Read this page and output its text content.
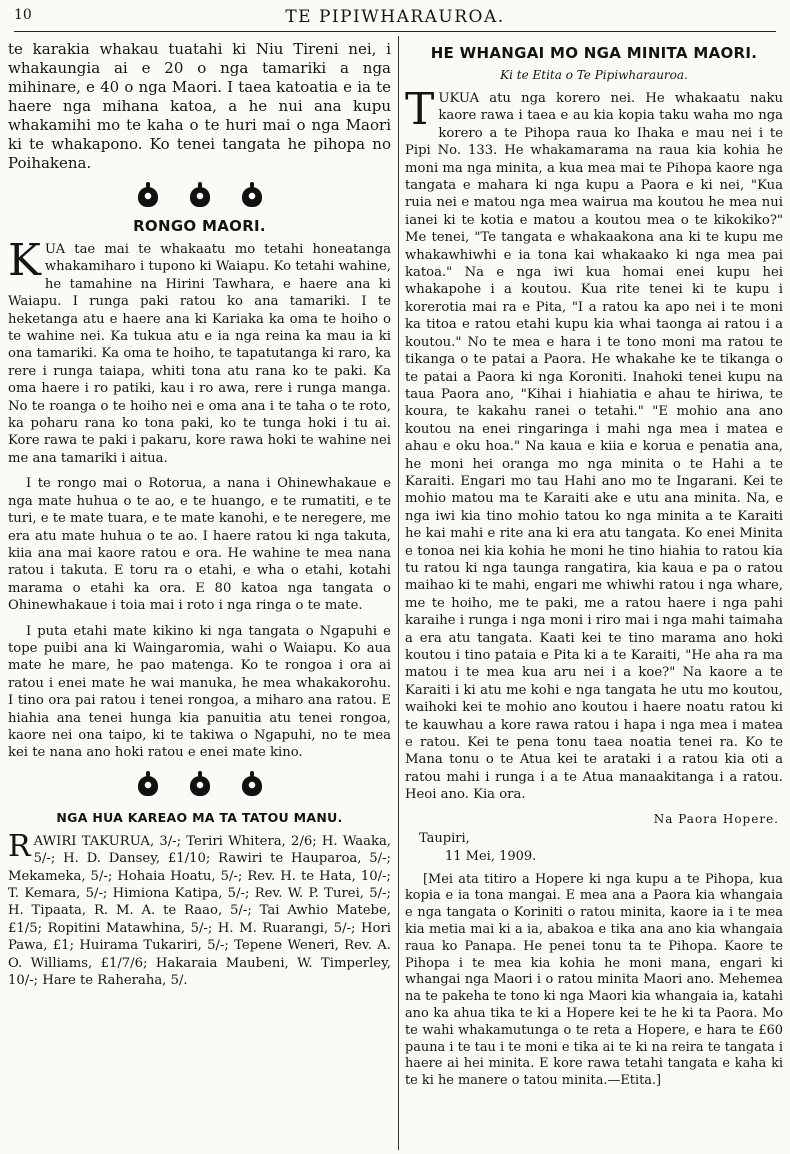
10	TE PIPIWHARAUROA.

te karakia whakau tuatahi ki Niu Tireni nei, i whakaungia ai e 20 o nga tamariki a nga mihinare, e 40 o nga Maori. I taea katoatia e ia te haere nga mihana katoa, a he nui ana kupu whakamihi mo te kaha o te huri mai o nga Maori ki te whakapono. Ko tenei tangata he pihopa no Poihakena.

RONGO MAORI.

KUA tae mai te whakaatu mo tetahi honeatanga whakamiharo i tupono ki Waiapu. Ko tetahi wahine, he tamahine na Hirini Tawhara, e haere ana ki Waiapu. I runga paki ratou ko ana tamariki. I te heketanga atu e haere ana ki Kariaka ka oma te hoiho o te wahine nei. Ka tukua atu e ia nga reina ka mau ia ki ona tamariki. Ka oma te hoiho, te tapatutanga ki raro, ka rere i runga taiapa, whiti tona atu rana ko te paki. Ka oma haere i ro patiki, kau i ro awa, rere i runga manga. No te roanga o te hoiho nei e oma ana i te taha o te roto, ka poharu rana ko tona paki, ko te tunga hoki i tu ai. Kore rawa te paki i pakaru, kore rawa hoki te wahine nei me ana tamariki i aitua.

I te rongo mai o Rotorua, a nana i Ohinewhakaue e nga mate huhua o te ao, e te huango, e te rumatiti, e te turi, e te mate tuara, e te mate kanohi, e te neregere, me era atu mate huhua o te ao. I haere ratou ki nga takuta, kiia ana mai kaore ratou e ora. He wahine te mea nana ratou i takuta. E toru ra o etahi, e wha o etahi, kotahi marama o etahi ka ora. E 80 katoa nga tangata o Ohinewhakaue i toia mai i roto i nga ringa o te mate.

I puta etahi mate kikino ki nga tangata o Ngapuhi e tope puibi ana ki Waingaromia, wahi o Waiapu. Ko aua mate he mare, he pao matenga. Ko te rongoa i ora ai ratou i enei mate he wai manuka, he mea whakakorohu. I tino ora pai ratou i tenei rongoa, a miharo ana ratou. E hiahia ana tenei hunga kia panuitia atu tenei rongoa, kaore nei ona taipo, ki te takiwa o Ngapuhi, no te mea kei te nana ano hoki ratou e enei mate kino.

NGA HUA KAREAO MA TA TATOU MANU.

RAWIRI TAKURUA, 3/-; Teriri Whitera, 2/6; H. Waaka, 5/-; H. D. Dansey, £1/10; Rawiri te Hauparoa, 5/-; Mekameka, 5/-; Hohaia Hoatu, 5/-; Rev. H. te Hata, 10/-; T. Kemara, 5/-; Himiona Katipa, 5/-; Rev. W. P. Turei, 5/-; H. Tipaata, R. M. A. te Raao, 5/-; Tai Awhio Matebe, £1/5; Ropitini Matawhina, 5/-; H. M. Ruarangi, 5/-; Hori Pawa, £1; Huirama Tukariri, 5/-; Tepene Weneri, Rev. A. O. Williams, £1/7/6; Hakaraia Maubeni, W. Timperley, 10/-; Hare te Raheraha, 5/.

HE WHANGAI MO NGA MINITA MAORI.
Ki te Etita o Te Pipiwharauroa.

TUKUA atu nga korero nei. He whakaatu naku kaore rawa i taea e au kia kopia taku waha mo nga korero a te Pihopa raua ko Ihaka e mau nei i te Pipi No. 133. He whakamarama na raua kia kohia he moni ma nga minita, a kua mea mai te Pihopa kaore nga tangata e mahara ki nga kupu a Paora e ki nei, "Kua ruia nei e matou nga mea wairua ma koutou he mea nui ianei ki te kotia e matou a koutou mea o te kikokiko?" Me tenei, "Te tangata e whakaakona ana ki te kupu me whakawhiwhi e ia tona kai whakaako ki nga mea pai katoa." Na e nga iwi kua homai enei kupu hei whakapohe i a koutou. Kua rite tenei ki te kupu i korerotia mai ra e Pita, "I a ratou ka apo nei i te moni ka titoa e ratou etahi kupu kia whai taonga ai ratou i a koutou." No te mea e hara i te tono moni ma ratou te tikanga o te patai a Paora. He whakahe ke te tikanga o te patai a Paora ki nga Koroniti. Inahoki tenei kupu na taua Paora ano, "Kihai i hiahiatia e ahau te hiriwa, te koura, te kakahu ranei o tetahi." "E mohio ana ano koutou na enei ringaringa i mahi nga mea i matea e ahau e oku hoa." Na kaua e kiia e korua e penatia ana, he moni hei oranga mo nga minita o te Hahi a te Karaiti. Engari mo tau Hahi ano mo te Ingarani. Kei te mohio matou ma te Karaiti ake e utu ana minita. Na, e nga iwi kia tino mohio tatou ko nga minita a te Karaiti he kai mahi e rite ana ki era atu tangata. Ko enei Minita e tonoa nei kia kohia he moni he tino hiahia to ratou kia tu ratou ki nga taunga rangatira, kia kaua e pa o ratou maihao ki te mahi, engari me whiwhi ratou i nga whare, me te hoiho, me te paki, me a ratou haere i nga pahi karaihe i runga i nga moni i riro mai i nga mahi taimaha a era atu tangata. Kaati kei te tino marama ano hoki koutou i tino pataia e Pita ki a te Karaiti, "He aha ra ma matou i te mea kua aru nei i a koe?" Na kaore a te Karaiti i ki atu me kohi e nga tangata he utu mo koutou, waihoki kei te mohio ano koutou i haere noatu ratou ki te kauwhau a kore rawa ratou i hapa i nga mea i matea e ratou. Kei te pena tonu taea noatia tenei ra. Ko te Mana tonu o te Atua kei te arataki i a ratou kia oti a ratou mahi i runga i a te Atua manaakitanga i a ratou. Heoi ano. Kia ora.

Na Paora Hopere.
Taupiri,
11 Mei, 1909.

[Mei ata titiro a Hopere ki nga kupu a te Pihopa, kua kopia e ia tona mangai. E mea ana a Paora kia whangaia e nga tangata o Koriniti o ratou minita, kaore ia i te mea kia metia mai ki a ia, abakoa e tika ana ano kia whangaia raua ko Panapa. He penei tonu ta te Pihopa. Kaore te Pihopa i te mea kia kohia he moni mana, engari ki whangai nga Maori i o ratou minita Maori ano. Mehemea na te pakeha te tono ki nga Maori kia whangaia ia, katahi ano ka ahua tika te ki a Hopere kei te he ki ta Paora. Mo te wahi whakamutunga o te reta a Hopere, e hara te £60 pauna i te tau i te moni e tika ai te ki na reira te tangata i haere ai hei minita. E kore rawa tetahi tangata e kaha ki te ki he manere o tatou minita.—Etita.]
